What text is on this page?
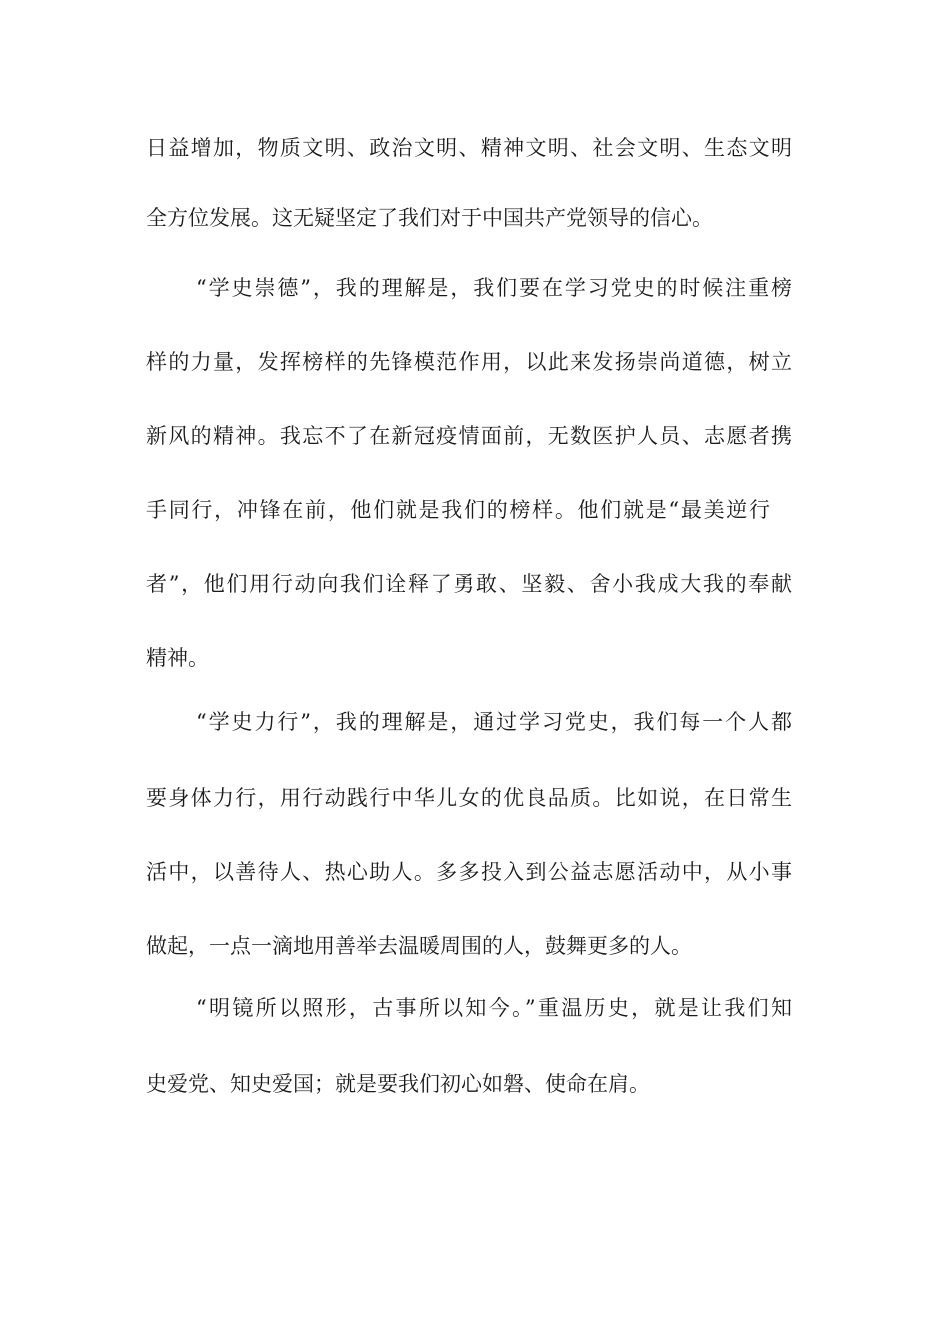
日益增加，物质文明、政治文明、精神文明、社会文明、生态文明
全方位发展。这无疑坚定了我们对于中国共产党领导的信心。
“学史崇德”，我的理解是，我们要在学习党史的时候注重榜
样的力量，发挥榜样的先锋模范作用，以此来发扬崇尚道德，树立
新风的精神。我忘不了在新冠疫情面前，无数医护人员、志愿者携
手同行，冲锋在前，他们就是我们的榜样。他们就是“最美逆行
者”，他们用行动向我们诠释了勇敢、坚毅、舍小我成大我的奉献
精神。
“学史力行”，我的理解是，通过学习党史，我们每一个人都
要身体力行，用行动践行中华儿女的优良品质。比如说，在日常生
活中，以善待人、热心助人。多多投入到公益志愿活动中，从小事
做起，一点一滴地用善举去温暖周围的人，鼓舞更多的人。
“明镜所以照形，古事所以知今。”重温历史，就是让我们知
史爱党、知史爱国；就是要我们初心如磐、使命在肩。
